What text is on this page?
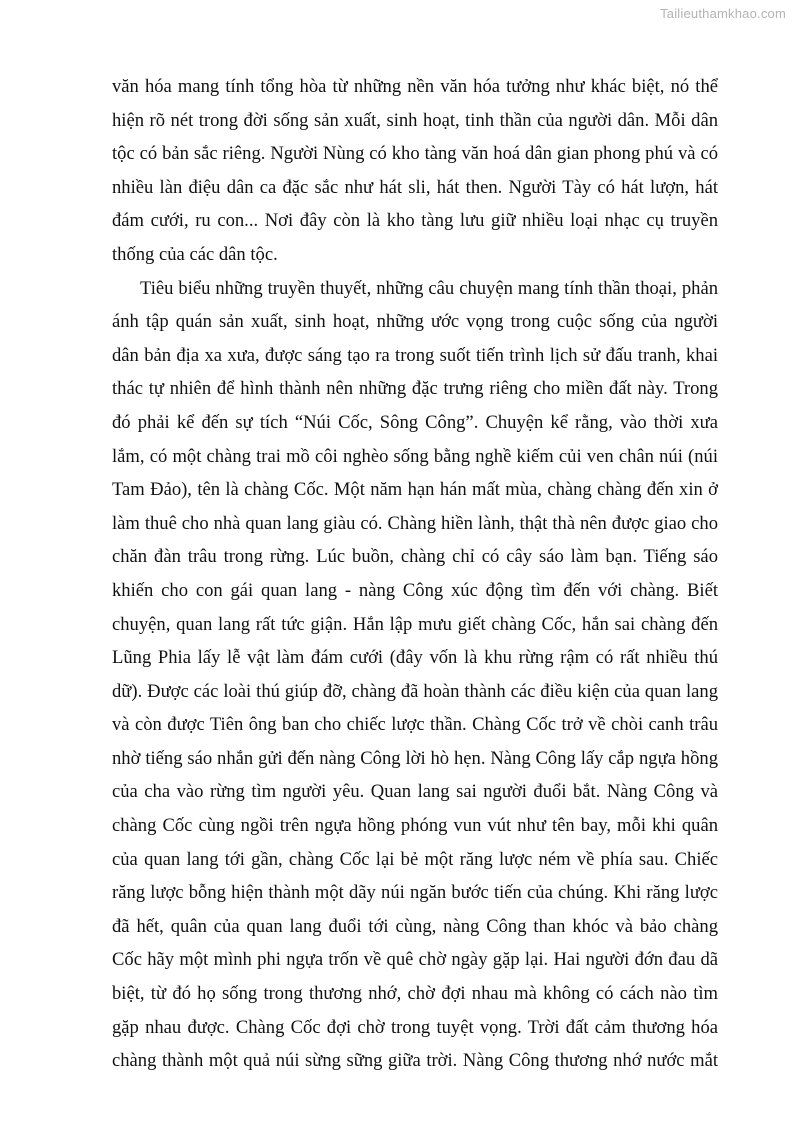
Tailieuthamkhao.com
văn hóa mang tính tổng hòa từ những nền văn hóa tưởng như khác biệt, nó thể
hiện rõ nét trong đời sống sản xuất, sinh hoạt, tinh thần của người dân. Mỗi dân
tộc có bản sắc riêng. Người Nùng có kho tàng văn hoá dân gian phong phú và có
nhiều làn điệu dân ca đặc sắc như hát sli, hát then. Người Tày có hát lượn, hát
đám cưới, ru con... Nơi đây còn là kho tàng lưu giữ nhiều loại nhạc cụ truyền
thống của các dân tộc.
Tiêu biểu những truyền thuyết, những câu chuyện mang tính thần thoại, phản
ánh tập quán sản xuất, sinh hoạt, những ước vọng trong cuộc sống của người
dân bản địa xa xưa, được sáng tạo ra trong suốt tiến trình lịch sử đấu tranh, khai
thác tự nhiên để hình thành nên những đặc trưng riêng cho miền đất này. Trong
đó phải kể đến sự tích “Núi Cốc, Sông Công”. Chuyện kể rằng, vào thời xưa
lắm, có một chàng trai mồ côi nghèo sống bằng nghề kiếm củi ven chân núi (núi
Tam Đảo), tên là chàng Cốc. Một năm hạn hán mất mùa, chàng chàng đến xin ở
làm thuê cho nhà quan lang giàu có. Chàng hiền lành, thật thà nên được giao cho
chăn đàn trâu trong rừng. Lúc buồn, chàng chỉ có cây sáo làm bạn. Tiếng sáo
khiến cho con gái quan lang - nàng Công xúc động tìm đến với chàng. Biết
chuyện, quan lang rất tức giận. Hắn lập mưu giết chàng Cốc, hắn sai chàng đến
Lũng Phia lấy lễ vật làm đám cưới (đây vốn là khu rừng rậm có rất nhiều thú
dữ). Được các loài thú giúp đỡ, chàng đã hoàn thành các điều kiện của quan lang
và còn được Tiên ông ban cho chiếc lược thần. Chàng Cốc trở về chòi canh trâu
nhờ tiếng sáo nhắn gửi đến nàng Công lời hò hẹn. Nàng Công lấy cắp ngựa hồng
của cha vào rừng tìm người yêu. Quan lang sai người đuổi bắt. Nàng Công và
chàng Cốc cùng ngồi trên ngựa hồng phóng vun vút như tên bay, mỗi khi quân
của quan lang tới gần, chàng Cốc lại bẻ một răng lược ném về phía sau. Chiếc
răng lược bỗng hiện thành một dãy núi ngăn bước tiến của chúng. Khi răng lược
đã hết, quân của quan lang đuổi tới cùng, nàng Công than khóc và bảo chàng
Cốc hãy một mình phi ngựa trốn về quê chờ ngày gặp lại. Hai người đớn đau dã
biệt, từ đó họ sống trong thương nhớ, chờ đợi nhau mà không có cách nào tìm
gặp nhau được. Chàng Cốc đợi chờ trong tuyệt vọng. Trời đất cảm thương hóa
chàng thành một quả núi sừng sững giữa trời. Nàng Công thương nhớ nước mắt
